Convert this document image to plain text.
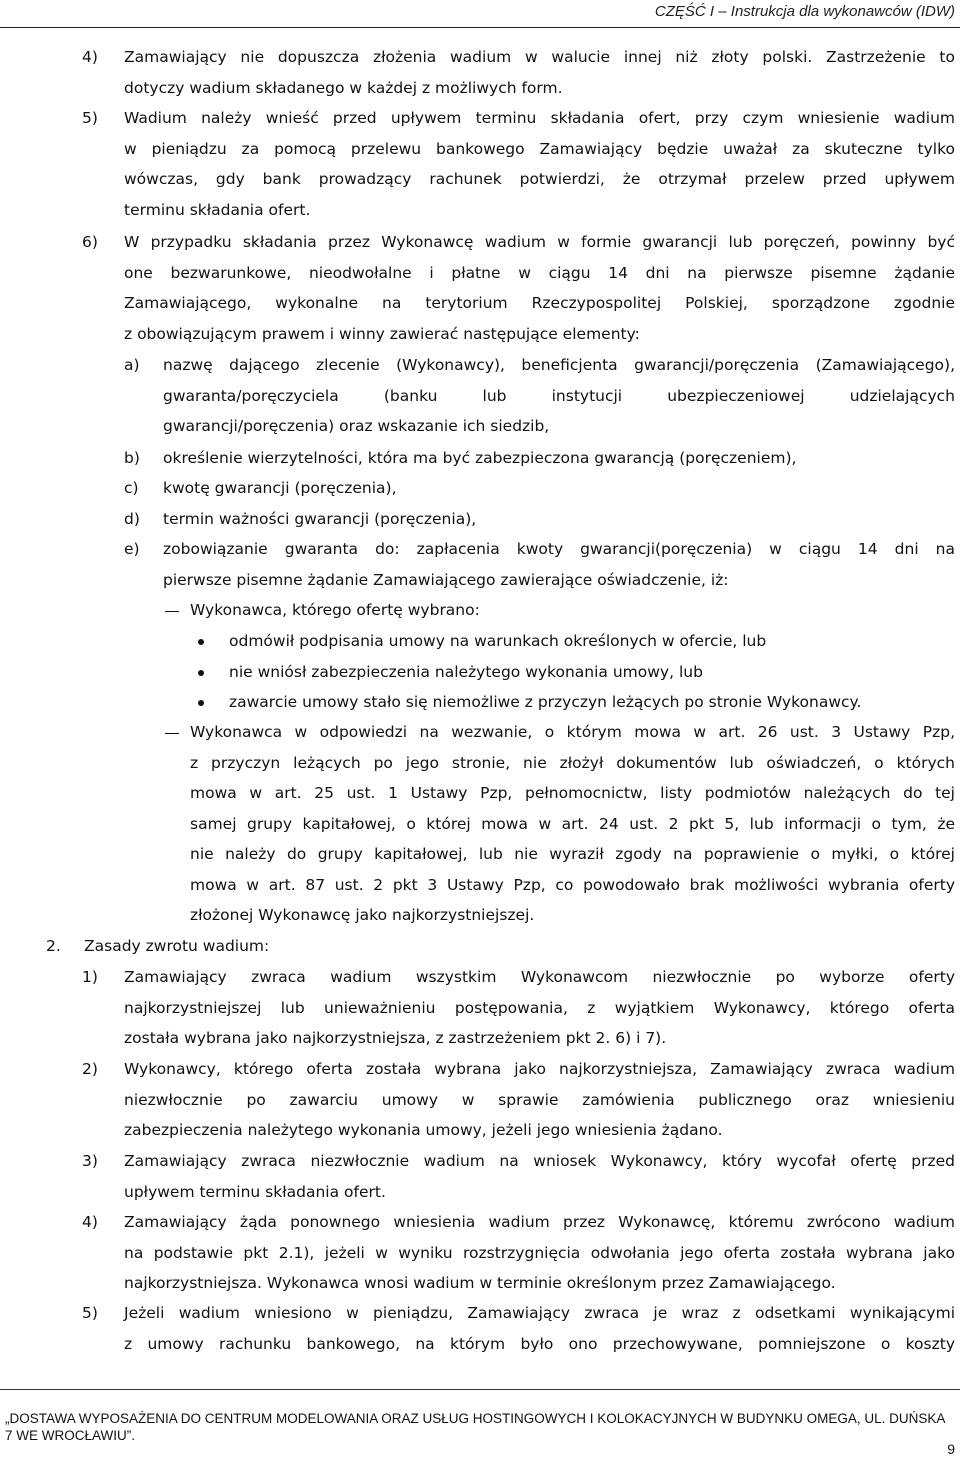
CZĘŚĆ I – Instrukcja dla wykonawców (IDW)
4) Zamawiający nie dopuszcza złożenia wadium w walucie innej niż złoty polski. Zastrzeżenie to
dotyczy wadium składanego w każdej z możliwych form.
5) Wadium należy wnieść przed upływem terminu składania ofert, przy czym wniesienie wadium
w pieniądzu za pomocą przelewu bankowego Zamawiający będzie uważał za skuteczne tylko
wówczas, gdy bank prowadzący rachunek potwierdzi, że otrzymał przelew przed upływem
terminu składania ofert.
6) W przypadku składania przez Wykonawcę wadium w formie gwarancji lub poręczeń, powinny być
one bezwarunkowe, nieodwołalne i płatne w ciągu 14 dni na pierwsze pisemne żądanie
Zamawiającego, wykonalne na terytorium Rzeczypospolitej Polskiej, sporządzone zgodnie
z obowiązującym prawem i winny zawierać następujące elementy:
a) nazwę dającego zlecenie (Wykonawcy), beneficjenta gwarancji/poręczenia (Zamawiającego),
gwaranta/poręczyciela (banku lub instytucji ubezpieczeniowej udzielających
gwarancji/poręczenia) oraz wskazanie ich siedzib,
b) określenie wierzytelności, która ma być zabezpieczona gwarancją (poręczeniem),
c) kwotę gwarancji (poręczenia),
d) termin ważności gwarancji (poręczenia),
e) zobowiązanie gwaranta do: zapłacenia kwoty gwarancji(poręczenia) w ciągu 14 dni na
pierwsze pisemne żądanie Zamawiającego zawierające oświadczenie, iż:
Wykonawca, którego ofertę wybrano:
odmówił podpisania umowy na warunkach określonych w ofercie, lub
nie wniósł zabezpieczenia należytego wykonania umowy, lub
zawarcie umowy stało się niemożliwe z przyczyn leżących po stronie Wykonawcy.
Wykonawca w odpowiedzi na wezwanie, o którym mowa w art. 26 ust. 3 Ustawy Pzp,
z przyczyn leżących po jego stronie, nie złożył dokumentów lub oświadczeń, o których
mowa w art. 25 ust. 1 Ustawy Pzp, pełnomocnictw, listy podmiotów należących do tej
samej grupy kapitałowej, o której mowa w art. 24 ust. 2 pkt 5, lub informacji o tym, że
nie należy do grupy kapitałowej, lub nie wyraził zgody na poprawienie o myłki, o której
mowa w art. 87 ust. 2 pkt 3 Ustawy Pzp, co powodowało brak możliwości wybrania oferty
złożonej Wykonawcę jako najkorzystniejszej.
2. Zasady zwrotu wadium:
1) Zamawiający zwraca wadium wszystkim Wykonawcom niezwłocznie po wyborze oferty
najkorzystniejszej lub unieważnieniu postępowania, z wyjątkiem Wykonawcy, którego oferta
została wybrana jako najkorzystniejsza, z zastrzeżeniem pkt 2. 6) i 7).
2) Wykonawcy, którego oferta została wybrana jako najkorzystniejsza, Zamawiający zwraca wadium
niezwłocznie po zawarciu umowy w sprawie zamówienia publicznego oraz wniesieniu
zabezpieczenia należytego wykonania umowy, jeżeli jego wniesienia żądano.
3) Zamawiający zwraca niezwłocznie wadium na wniosek Wykonawcy, który wycofał ofertę przed
upływem terminu składania ofert.
4) Zamawiający żąda ponownego wniesienia wadium przez Wykonawcę, któremu zwrócono wadium
na podstawie pkt 2.1), jeżeli w wyniku rozstrzygnięcia odwołania jego oferta została wybrana jako
najkorzystniejsza. Wykonawca wnosi wadium w terminie określonym przez Zamawiającego.
5) Jeżeli wadium wniesiono w pieniądzu, Zamawiający zwraca je wraz z odsetkami wynikającymi
z umowy rachunku bankowego, na którym było ono przechowywane, pomniejszone o koszty
„DOSTAWA WYPOSAŻENIA DO CENTRUM MODELOWANIA ORAZ USŁUG HOSTINGOWYCH I KOLOKACYJNYCH W BUDYNKU OMEGA, UL. DUŃSKA
7 WE WROCŁAWIU”.
9
